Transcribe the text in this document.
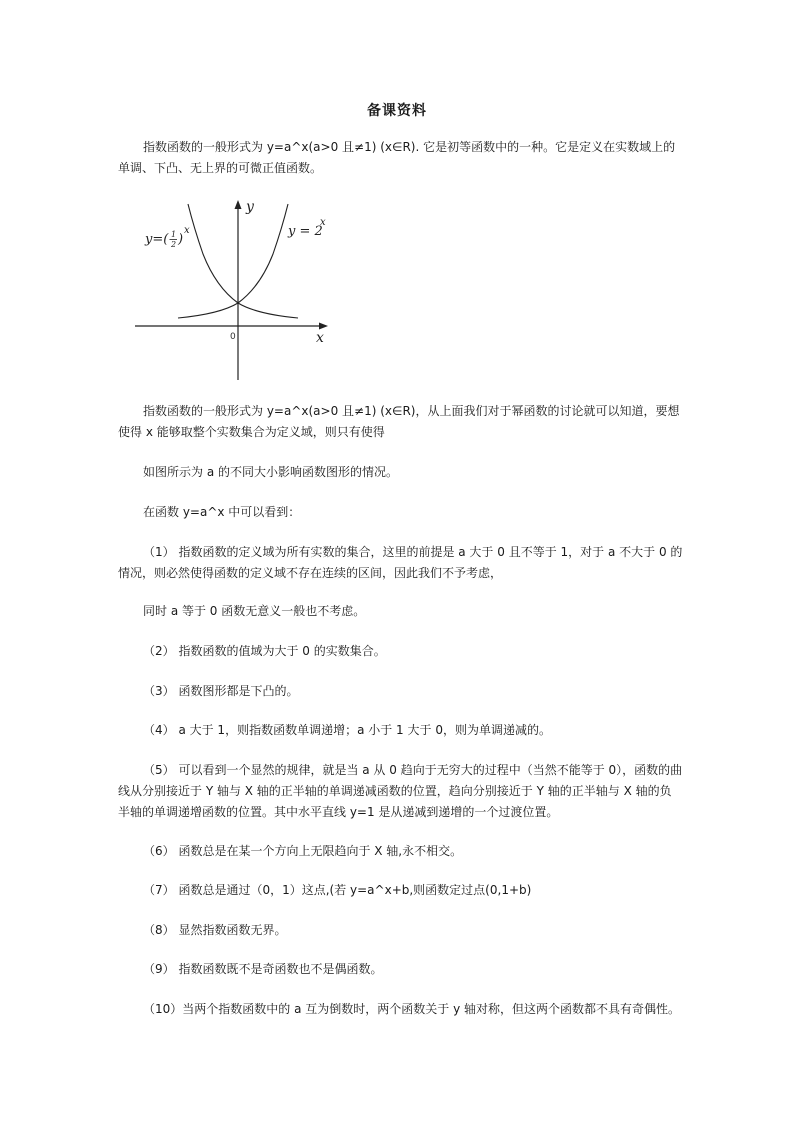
备课资料

指数函数的一般形式为 y=a^x(a>0 且≠1) (x∈R). 它是初等函数中的一种。它是定义在实数域上的单调、下凸、无上界的可微正值函数。

y
x
0
y=( 1
2 )
x	y = 2
x

指数函数的一般形式为 y=a^x(a>0 且≠1) (x∈R)，从上面我们对于幂函数的讨论就可以知道，要想使得 x 能够取整个实数集合为定义域，则只有使得

如图所示为 a 的不同大小影响函数图形的情况。

在函数 y=a^x 中可以看到：

（1） 指数函数的定义域为所有实数的集合，这里的前提是 a 大于 0 且不等于 1，对于 a 不大于 0 的情况，则必然使得函数的定义域不存在连续的区间，因此我们不予考虑，

同时 a 等于 0 函数无意义一般也不考虑。

（2） 指数函数的值域为大于 0 的实数集合。

（3） 函数图形都是下凸的。

（4） a 大于 1，则指数函数单调递增；a 小于 1 大于 0，则为单调递减的。

（5） 可以看到一个显然的规律，就是当 a 从 0 趋向于无穷大的过程中（当然不能等于 0），函数的曲线从分别接近于 Y 轴与 X 轴的正半轴的单调递减函数的位置，趋向分别接近于 Y 轴的正半轴与 X 轴的负半轴的单调递增函数的位置。其中水平直线 y=1 是从递减到递增的一个过渡位置。

（6） 函数总是在某一个方向上无限趋向于 X 轴,永不相交。

（7） 函数总是通过（0，1）这点,(若 y=a^x+b,则函数定过点(0,1+b)

（8） 显然指数函数无界。

（9） 指数函数既不是奇函数也不是偶函数。

（10）当两个指数函数中的 a 互为倒数时，两个函数关于 y 轴对称，但这两个函数都不具有奇偶性。
